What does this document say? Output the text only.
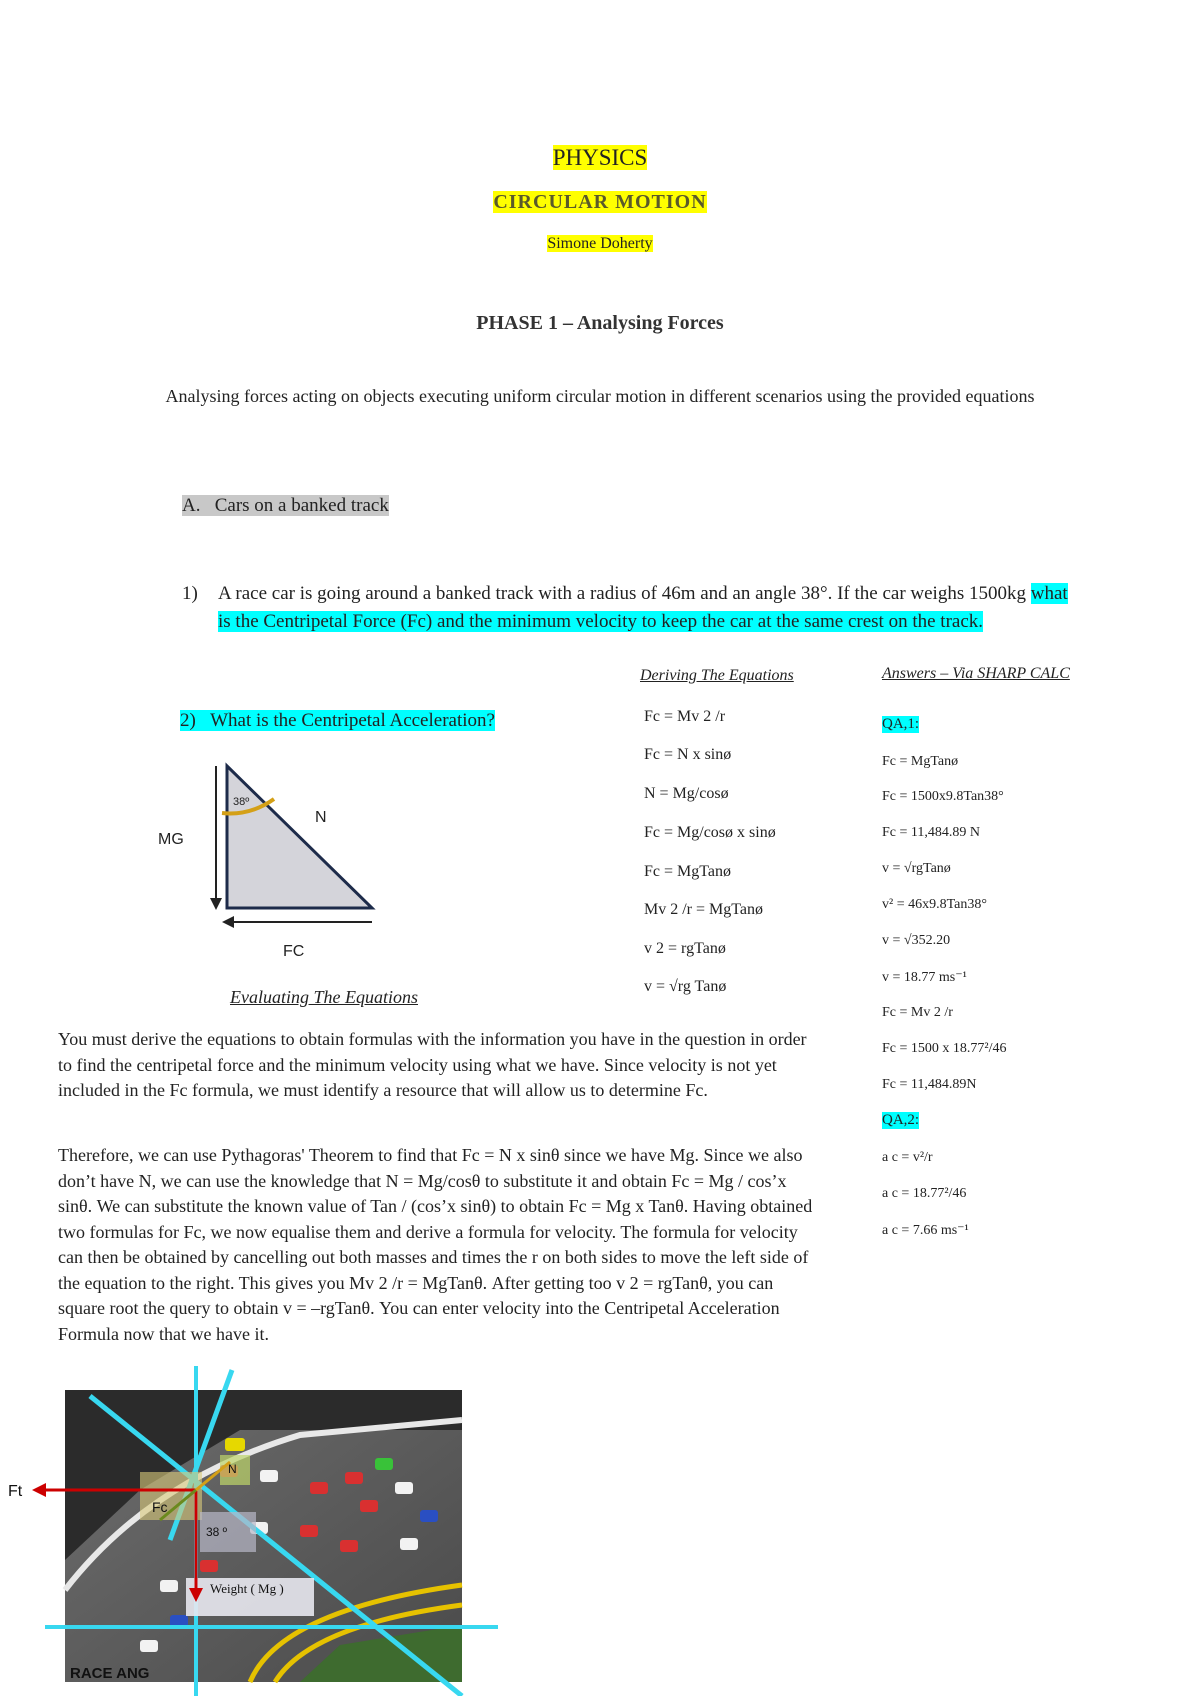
PHYSICS
CIRCULAR MOTION
Simone Doherty
PHASE 1 – Analysing Forces
Analysing forces acting on objects executing uniform circular motion in different scenarios using the provided equations
A. Cars on a banked track
1) A race car is going around a banked track with a radius of 46m and an angle 38°. If the car weighs 1500kg what is the Centripetal Force (Fc) and the minimum velocity to keep the car at the same crest on the track.
2) What is the Centripetal Acceleration?
Deriving The Equations
Fc = Mv 2 /r
Fc = N x sinø
N = Mg/cosø
Fc = Mg/cosø x sinø
Fc = MgTanø
Mv 2 /r = MgTanø
v 2 = rgTanø
v = √rg Tanø
Answers – Via SHARP CALC
QA,1:
Fc = MgTanø
Fc = 1500x9.8Tan38°
Fc = 11,484.89 N
v = √rgTanø
v² = 46x9.8Tan38°
v = √352.20
v = 18.77 ms⁻¹
Fc = Mv 2 /r
Fc = 1500 x 18.77²/46
Fc = 11,484.89N
QA,2:
a c = v²/r
a c = 18.77²/46
a c = 7.66 ms⁻¹
38º
N
MG
FC
Evaluating The Equations
You must derive the equations to obtain formulas with the information you have in the question in order to find the centripetal force and the minimum velocity using what we have. Since velocity is not yet included in the Fc formula, we must identify a resource that will allow us to determine Fc.
Therefore, we can use Pythagoras' Theorem to find that Fc = N x sinθ since we have Mg. Since we also don’t have N, we can use the knowledge that N = Mg/cosθ to substitute it and obtain Fc = Mg / cos’x sinθ. We can substitute the known value of Tan / (cos’x sinθ) to obtain Fc = Mg x Tanθ. Having obtained two formulas for Fc, we now equalise them and derive a formula for velocity. The formula for velocity can then be obtained by cancelling out both masses and times the r on both sides to move the left side of the equation to the right. This gives you Mv 2 /r = MgTanθ. After getting too v 2 = rgTanθ, you can square root the query to obtain v = –rgTanθ. You can enter velocity into the Centripetal Acceleration Formula now that we have it.
RACE ANG
Ft
Fc
N
38 º
Weight ( Mg )
